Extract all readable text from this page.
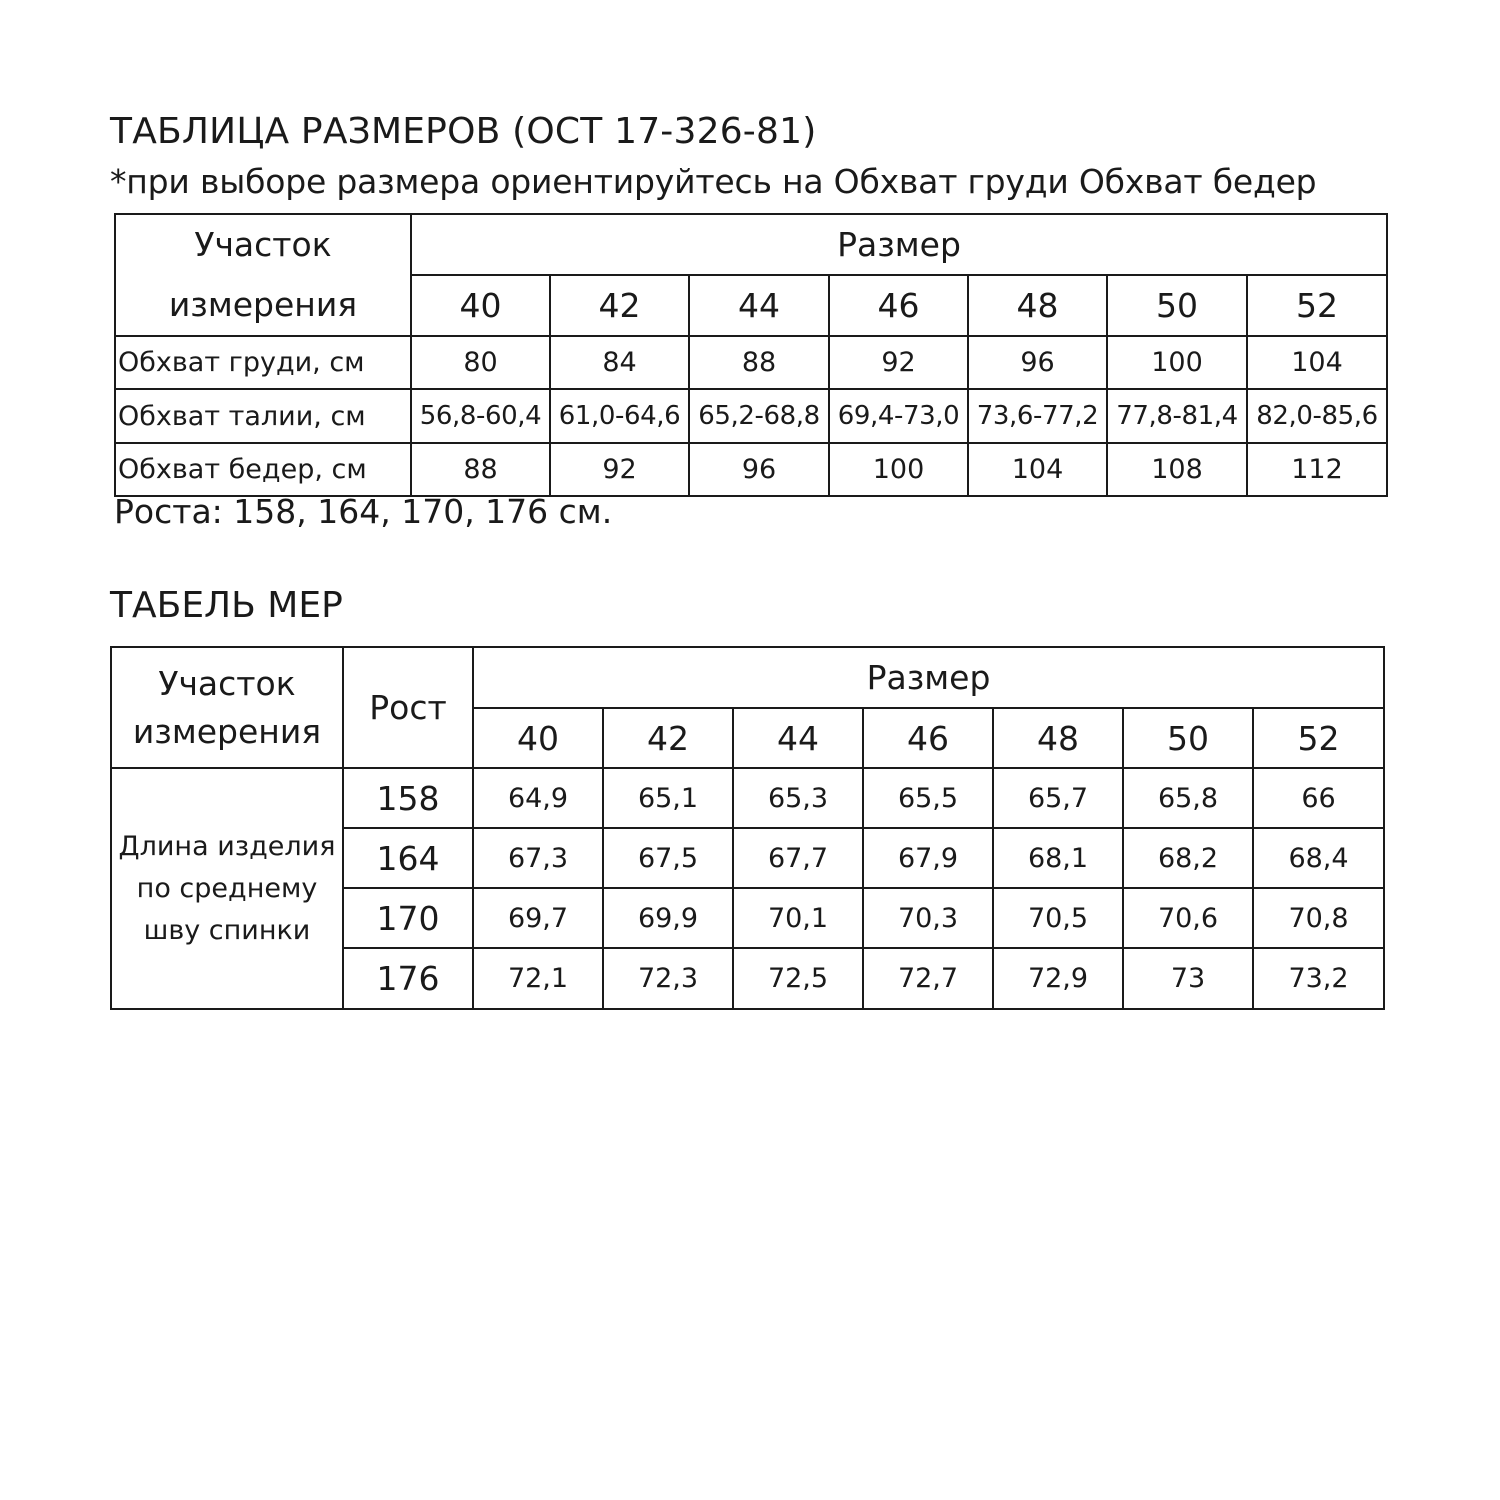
ТАБЛИЦА РАЗМЕРОВ (ОСТ 17-326-81)
*при выборе размера ориентируйтесь на Обхват груди Обхват бедер
Участок
измерения	Размер						
	40	42	44	46	48	50	52
Обхват груди, см	80	84	88	92	96	100	104
Обхват талии, см	56,8-60,4	61,0-64,6	65,2-68,8	69,4-73,0	73,6-77,2	77,8-81,4	82,0-85,6
Обхват бедер, см	88	92	96	100	104	108	112
Роста: 158, 164, 170, 176 см.
ТАБЕЛЬ МЕР
Участок
измерения	Рост	Размер						
		40	42	44	46	48	50	52
Длина изделия
по среднему
шву спинки	158	64,9	65,1	65,3	65,5	65,7	65,8	66
	164	67,3	67,5	67,7	67,9	68,1	68,2	68,4
	170	69,7	69,9	70,1	70,3	70,5	70,6	70,8
	176	72,1	72,3	72,5	72,7	72,9	73	73,2
